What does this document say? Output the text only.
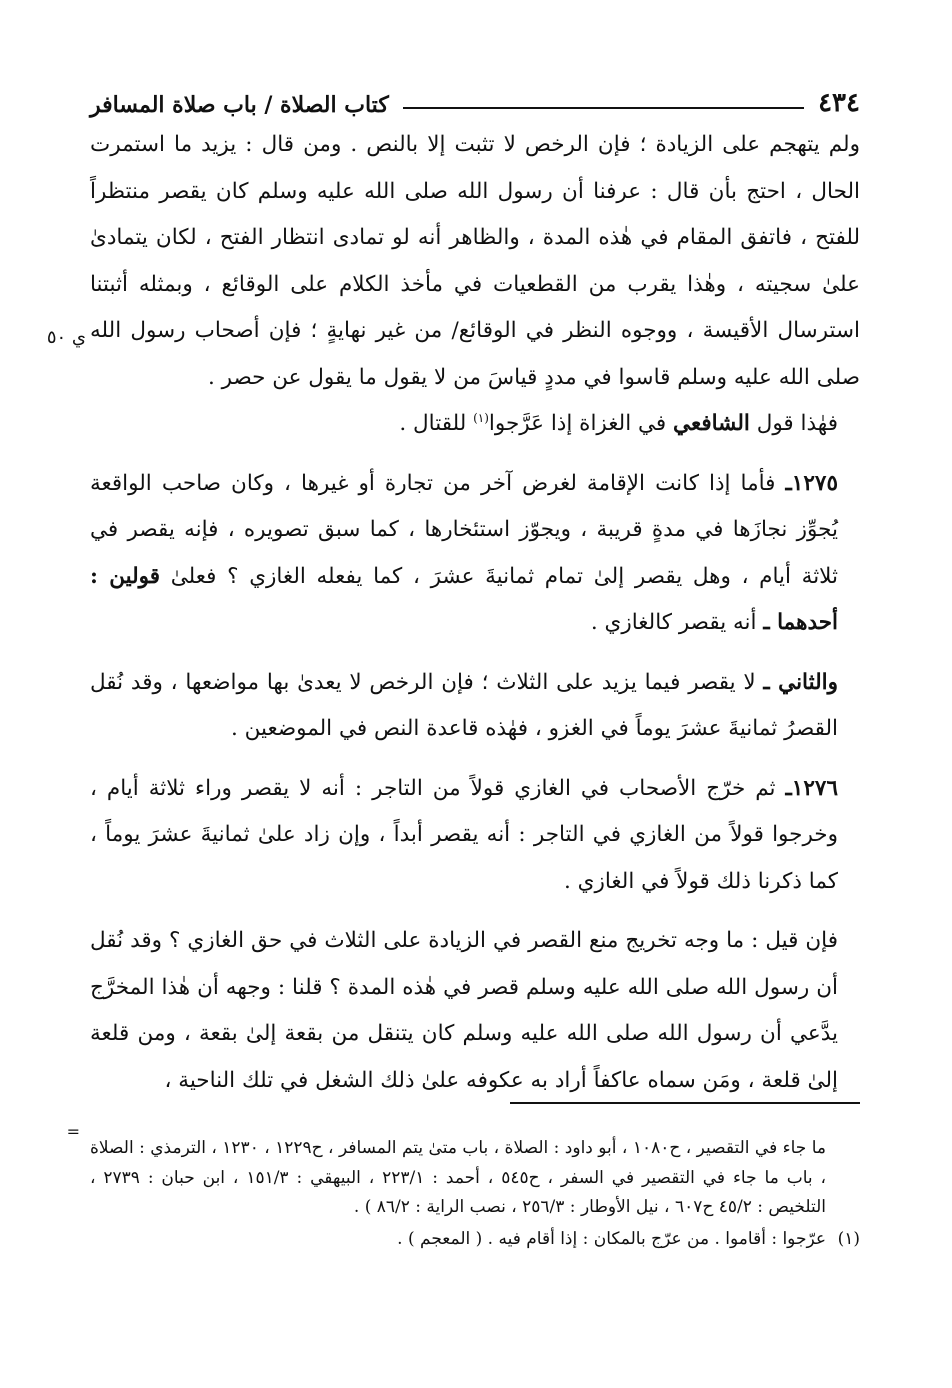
٤٣٤
كتاب الصلاة / باب صلاة المسافر
ي ٥٠

ولم يتهجم على الزيادة ؛ فإن الرخص لا تثبت إلا بالنص . ومن قال : يزيد ما استمرت الحال ، احتج بأن قال : عرفنا أن رسول الله صلى الله عليه وسلم كان يقصر منتظراً للفتح ، فاتفق المقام في هٰذه المدة ، والظاهر أنه لو تمادى انتظار الفتح ، لكان يتمادىٰ علىٰ سجيته ، وهٰذا يقرب من القطعيات في مأخذ الكلام على الوقائع ، وبمثله أثبتنا استرسال الأقيسة ، ووجوه النظر في الوقائع/ من غير نهايةٍ ؛ فإن أصحاب رسول الله صلى الله عليه وسلم قاسوا في مددٍ قياسَ من لا يقول ما يقول عن حصر .

فهٰذا قول الشافعي في الغزاة إذا عَرَّجوا$^{(١)}$ للقتال .

١٢٧٥ـ فأما إذا كانت الإقامة لغرض آخر من تجارة أو غيرها ، وكان صاحب الواقعة يُجوِّز نجازَها في مدةٍ قريبة ، ويجوّز استئخارها ، كما سبق تصويره ، فإنه يقصر في ثلاثة أيام ، وهل يقصر إلىٰ تمام ثمانيةَ عشرَ ، كما يفعله الغازي ؟ فعلىٰ قولين : أحدهما ـ أنه يقصر كالغازي .

والثاني ـ لا يقصر فيما يزيد على الثلاث ؛ فإن الرخص لا يعدىٰ بها مواضعها ، وقد نُقل القصرُ ثمانيةَ عشرَ يوماً في الغزو ، فهٰذه قاعدة النص في الموضعين .

١٢٧٦ـ ثم خرّج الأصحاب في الغازي قولاً من التاجر : أنه لا يقصر وراء ثلاثة أيام ، وخرجوا قولاً من الغازي في التاجر : أنه يقصر أبداً ، وإن زاد علىٰ ثمانيةَ عشرَ يوماً ، كما ذكرنا ذلك قولاً في الغازي .

فإن قيل : ما وجه تخريج منع القصر في الزيادة على الثلاث في حق الغازي ؟ وقد نُقل أن رسول الله صلى الله عليه وسلم قصر في هٰذه المدة ؟ قلنا : وجهه أن هٰذا المخرَّج يدَّعي أن رسول الله صلى الله عليه وسلم كان يتنقل من بقعة إلىٰ بقعة ، ومن قلعة إلىٰ قلعة ، ومَن سماه عاكفاً أراد به عكوفه علىٰ ذلك الشغل في تلك الناحية ،

=

ما جاء في التقصير ، ح١٠٨٠ ، أبو داود : الصلاة ، باب متىٰ يتم المسافر ، ح١٢٢٩ ، ١٢٣٠ ، الترمذي : الصلاة ، باب ما جاء في التقصير في السفر ، ح٥٤٥ ، أحمد : ٢٢٣/١ ، البيهقي : ١٥١/٣ ، ابن حبان : ٢٧٣٩ ، التلخيص : ٤٥/٢ ح٦٠٧ ، نيل الأوطار : ٢٥٦/٣ ، نصب الراية : ٨٦/٢ ) .

(١)
عرّجوا : أقاموا . من عرّج بالمكان : إذا أقام فيه . ( المعجم ) .
